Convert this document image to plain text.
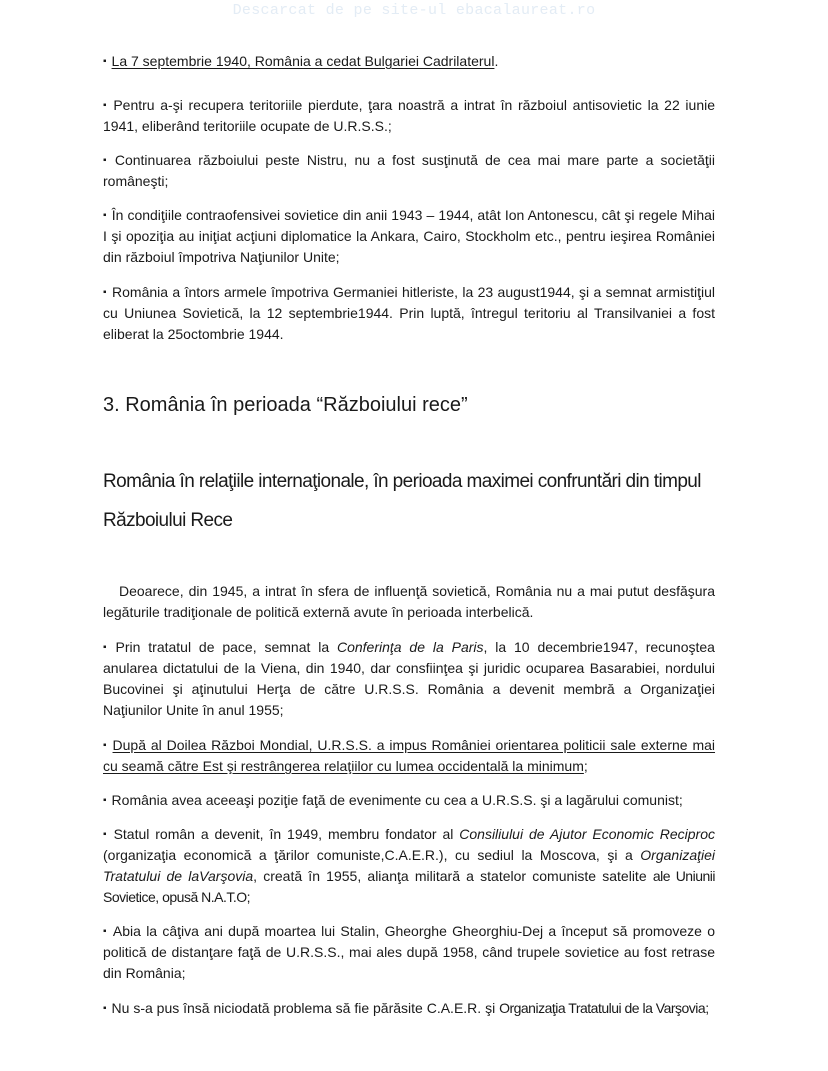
Descarcat de pe site-ul ebacalaureat.ro

▪ La 7 septembrie 1940, România a cedat Bulgariei Cadrilaterul.

▪ Pentru a-şi recupera teritoriile pierdute, ţara noastră a intrat în războiul antisovietic la 22 iunie 1941, eliberând teritoriile ocupate de U.R.S.S.;

▪ Continuarea războiului peste Nistru, nu a fost susţinută de cea mai mare parte a societăţii româneşti;

▪ În condiţiile contraofensivei sovietice din anii 1943 – 1944, atât Ion Antonescu, cât şi regele Mihai I şi opoziţia au iniţiat acţiuni diplomatice la Ankara, Cairo, Stockholm etc., pentru ieşirea României din războiul împotriva Naţiunilor Unite;

▪ România a întors armele împotriva Germaniei hitleriste, la 23 august1944, şi a semnat armistiţiul cu Uniunea Sovietică, la 12 septembrie1944. Prin luptă, întregul teritoriu al Transilvaniei a fost eliberat la 25octombrie 1944.

3. România în perioada “Războiului rece”
România în relaţiile internaţionale, în perioada maximei confruntări din timpul
Războiului Rece

Deoarece, din 1945, a intrat în sfera de influenţă sovietică, România nu a mai putut desfăşura legăturile tradiţionale de politică externă avute în perioada interbelică.

▪ Prin tratatul de pace, semnat la Conferinţa de la Paris, la 10 decembrie1947, recunoştea anularea dictatului de la Viena, din 1940, dar consfiinţea şi juridic ocuparea Basarabiei, nordului Bucovinei şi aţinutului Herţa de către U.R.S.S. România a devenit membră a Organizaţiei Naţiunilor Unite în anul 1955;

▪ După al Doilea Război Mondial, U.R.S.S. a impus României orientarea politicii sale externe mai cu seamă către Est şi restrângerea relaţiilor cu lumea occidentală la minimum;

▪ România avea aceeaşi poziţie faţă de evenimente cu cea a U.R.S.S. şi a lagărului comunist;

▪ Statul român a devenit, în 1949, membru fondator al Consiliului de Ajutor Economic Reciproc (organizaţia economică a ţărilor comuniste,C.A.E.R.), cu sediul la Moscova, şi a Organizaţiei Tratatului de laVarşovia, creată în 1955, alianţa militară a statelor comuniste satelite ale Uniunii Sovietice, opusă N.A.T.O;

▪ Abia la câţiva ani după moartea lui Stalin, Gheorghe Gheorghiu-Dej a început să promoveze o politică de distanţare faţă de U.R.S.S., mai ales după 1958, când trupele sovietice au fost retrase din România;

▪ Nu s-a pus însă niciodată problema să fie părăsite C.A.E.R. şi Organizaţia Tratatului de la Varşovia;
